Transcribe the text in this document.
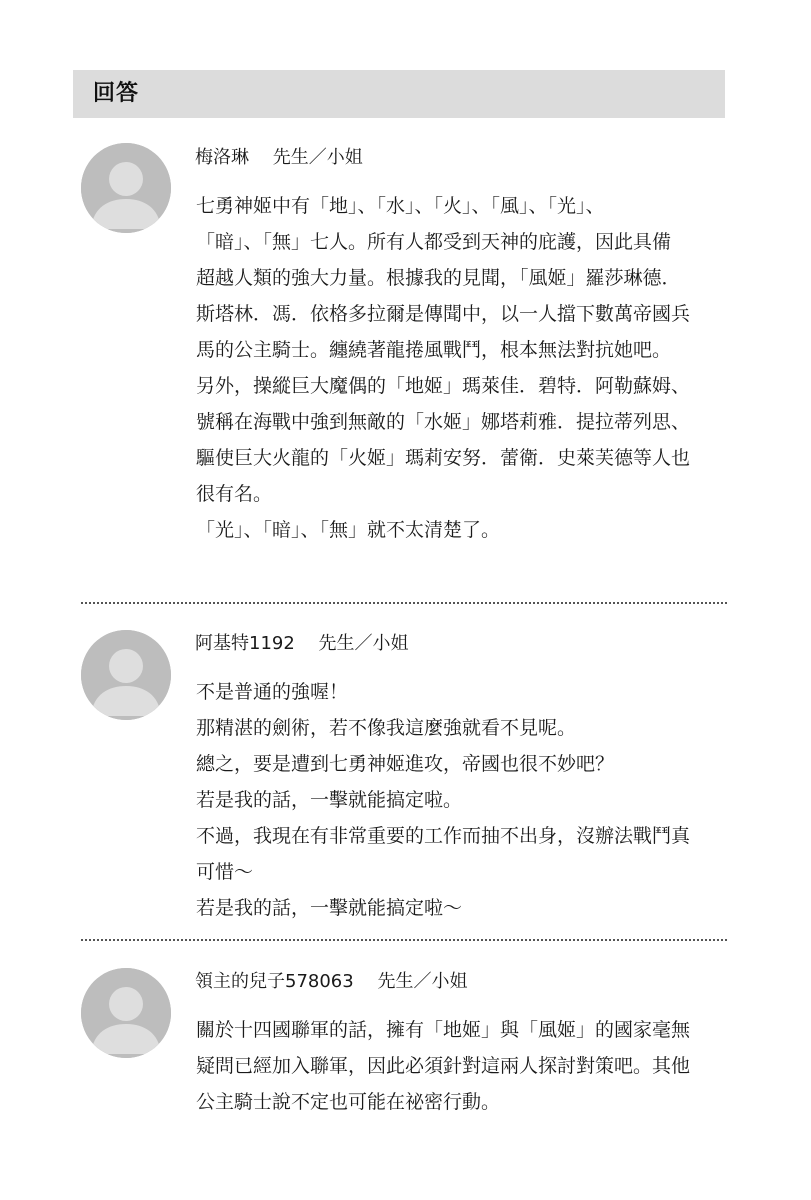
回答
梅洛琳 先生／小姐
七勇神姬中有「地」、「水」、「火」、「風」、「光」、
「暗」、「無」七人。所有人都受到天神的庇護，因此具備
超越人類的強大力量。根據我的見聞，「風姬」羅莎琳德．
斯塔林．馮．依格多拉爾是傳聞中，以一人擋下數萬帝國兵
馬的公主騎士。纏繞著龍捲風戰鬥，根本無法對抗她吧。
另外，操縱巨大魔偶的「地姬」瑪萊佳．碧特．阿勒蘇姆、
號稱在海戰中強到無敵的「水姬」娜塔莉雅．提拉蒂列思、
驅使巨大火龍的「火姬」瑪莉安努．蕾衛．史萊芙德等人也
很有名。
「光」、「暗」、「無」就不太清楚了。
阿基特1192 先生／小姐
不是普通的強喔！
那精湛的劍術，若不像我這麼強就看不見呢。
總之，要是遭到七勇神姬進攻，帝國也很不妙吧？
若是我的話，一擊就能搞定啦。
不過，我現在有非常重要的工作而抽不出身，沒辦法戰鬥真
可惜～
若是我的話，一擊就能搞定啦～
領主的兒子578063 先生／小姐
關於十四國聯軍的話，擁有「地姬」與「風姬」的國家毫無
疑問已經加入聯軍，因此必須針對這兩人探討對策吧。其他
公主騎士說不定也可能在祕密行動。
